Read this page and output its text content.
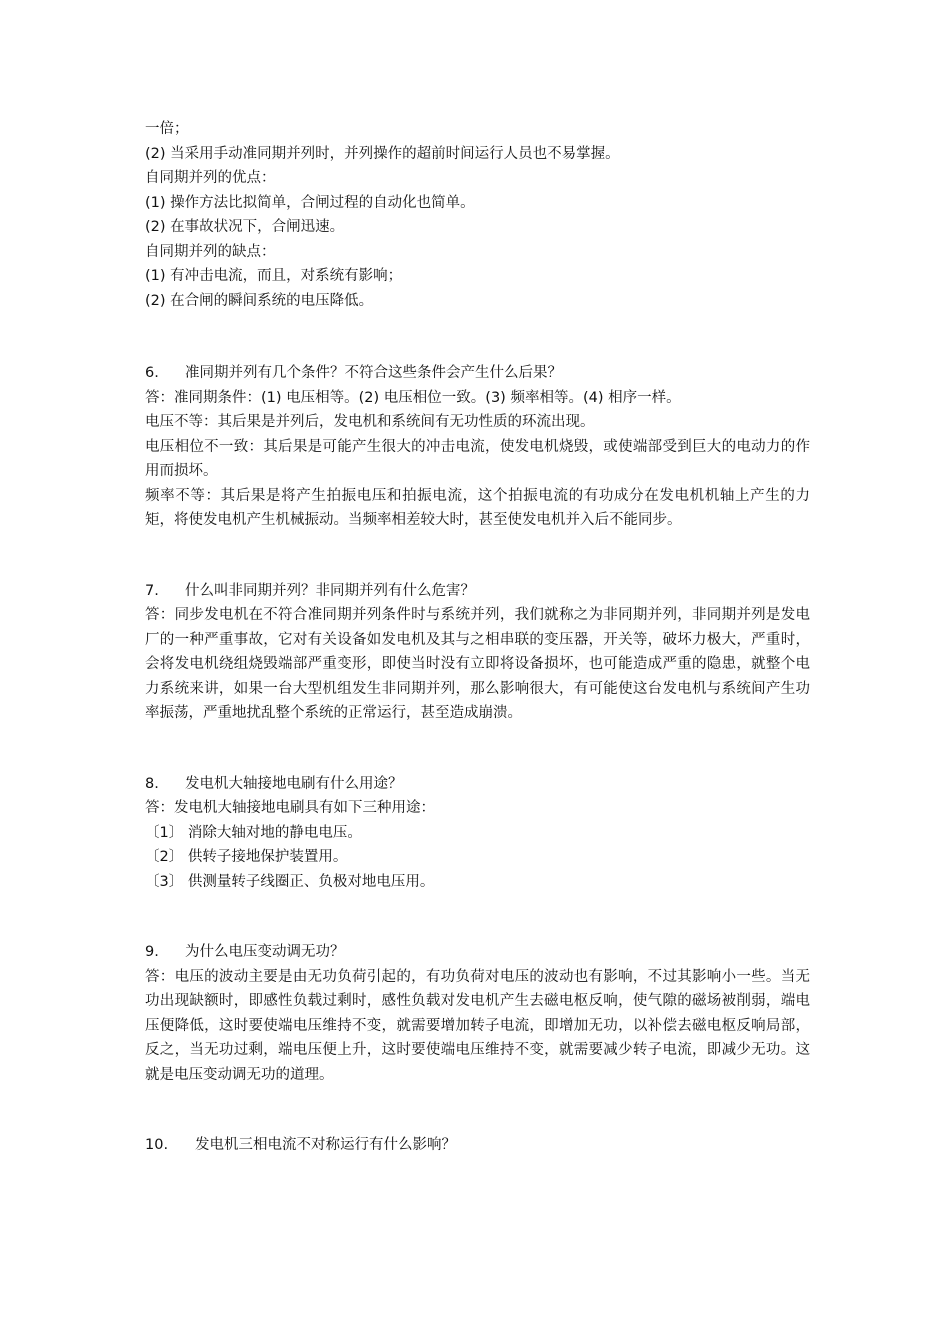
一倍；

(2) 当采用手动准同期并列时，并列操作的超前时间运行人员也不易掌握。

自同期并列的优点：

(1) 操作方法比拟简单，合闸过程的自动化也简单。

(2) 在事故状况下，合闸迅速。

自同期并列的缺点：

(1) 有冲击电流，而且，对系统有影响；

(2) 在合闸的瞬间系统的电压降低。

6. 准同期并列有几个条件？不符合这些条件会产生什么后果？

答：准同期条件：(1) 电压相等。(2) 电压相位一致。(3) 频率相等。(4) 相序一样。

电压不等：其后果是并列后，发电机和系统间有无功性质的环流出现。

电压相位不一致：其后果是可能产生很大的冲击电流，使发电机烧毁，或使端部受到巨大的电动力的作用而损坏。

频率不等：其后果是将产生拍振电压和拍振电流，这个拍振电流的有功成分在发电机机轴上产生的力矩，将使发电机产生机械振动。当频率相差较大时，甚至使发电机并入后不能同步。

7. 什么叫非同期并列？非同期并列有什么危害？

答：同步发电机在不符合准同期并列条件时与系统并列，我们就称之为非同期并列，非同期并列是发电厂的一种严重事故，它对有关设备如发电机及其与之相串联的变压器，开关等，破坏力极大，严重时，会将发电机绕组烧毁端部严重变形，即使当时没有立即将设备损坏，也可能造成严重的隐患，就整个电力系统来讲，如果一台大型机组发生非同期并列，那么影响很大，有可能使这台发电机与系统间产生功率振荡，严重地扰乱整个系统的正常运行，甚至造成崩溃。

8. 发电机大轴接地电刷有什么用途？

答：发电机大轴接地电刷具有如下三种用途：

〔1〕 消除大轴对地的静电电压。

〔2〕 供转子接地保护装置用。

〔3〕 供测量转子线圈正、负极对地电压用。

9. 为什么电压变动调无功？

答：电压的波动主要是由无功负荷引起的，有功负荷对电压的波动也有影响，不过其影响小一些。当无功出现缺额时，即感性负载过剩时，感性负载对发电机产生去磁电枢反响，使气隙的磁场被削弱，端电压便降低，这时要使端电压维持不变，就需要增加转子电流，即增加无功，以补偿去磁电枢反响局部，反之，当无功过剩，端电压便上升，这时要使端电压维持不变，就需要减少转子电流，即减少无功。这就是电压变动调无功的道理。

10. 发电机三相电流不对称运行有什么影响？
